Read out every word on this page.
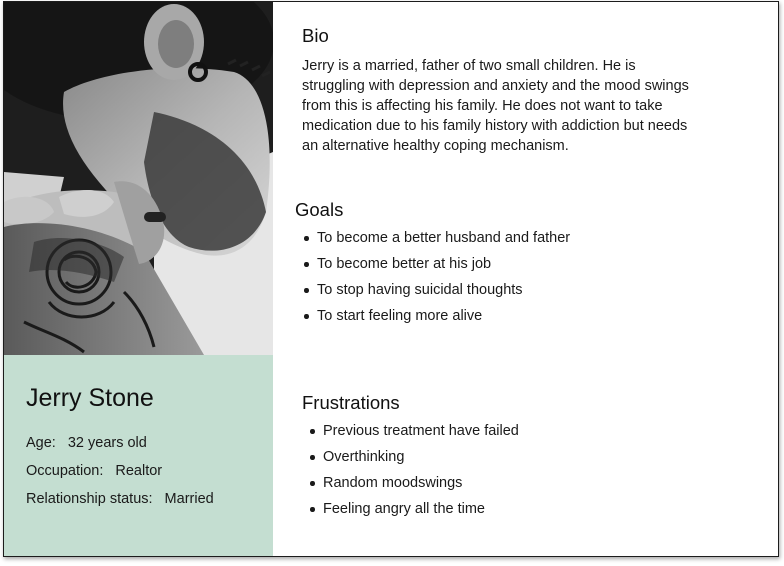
Jerry Stone
Age: 32 years old
Occupation: Realtor
Relationship status: Married
Bio

Jerry is a married, father of two small children. He is struggling with depression and anxiety and the mood swings from this is affecting his family. He does not want to take medication due to his family history with addiction but needs an alternative healthy coping mechanism.

Goals
To become a better husband and father
To become better at his job
To stop having suicidal thoughts
To start feeling more alive
Frustrations
Previous treatment have failed
Overthinking
Random moodswings
Feeling angry all the time
